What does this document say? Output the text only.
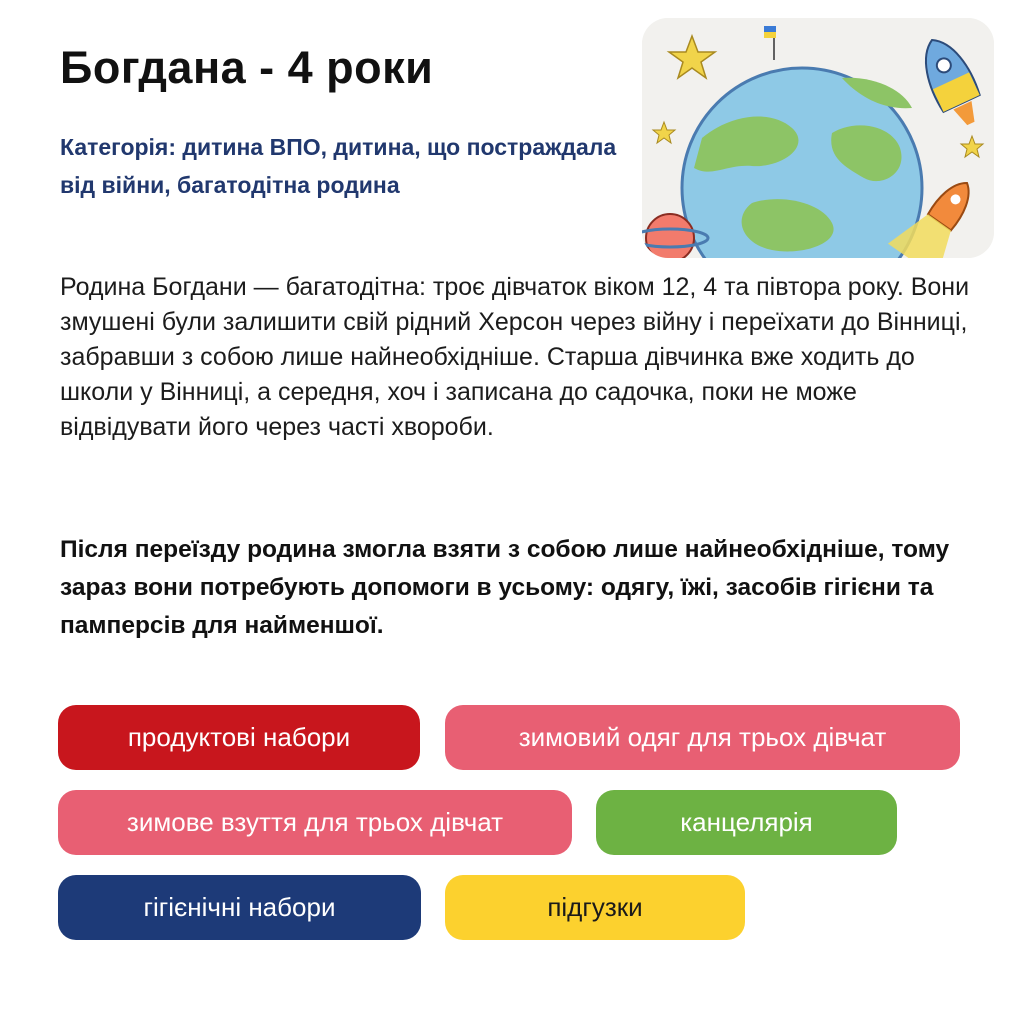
Богдана - 4 роки

Категорія: дитина ВПО, дитина, що постраждала від війни, багатодітна родина

Родина Богдани — багатодітна: троє дівчаток віком 12, 4 та півтора року. Вони змушені були залишити свій рідний Херсон через війну і переїхати до Вінниці, забравши з собою лише найнеобхідніше. Старша дівчинка вже ходить до школи у Вінниці, а середня, хоч і записана до садочка, поки не може відвідувати його через часті хвороби.

Після переїзду родина змогла взяти з собою лише найнеобхідніше, тому зараз вони потребують допомоги в усьому: одягу, їжі, засобів гігієни та памперсів для найменшої.

продуктові набори	зимовий одяг для трьох дівчат
зимове взуття для трьох дівчат	канцелярія
гігієнічні набори	підгузки
